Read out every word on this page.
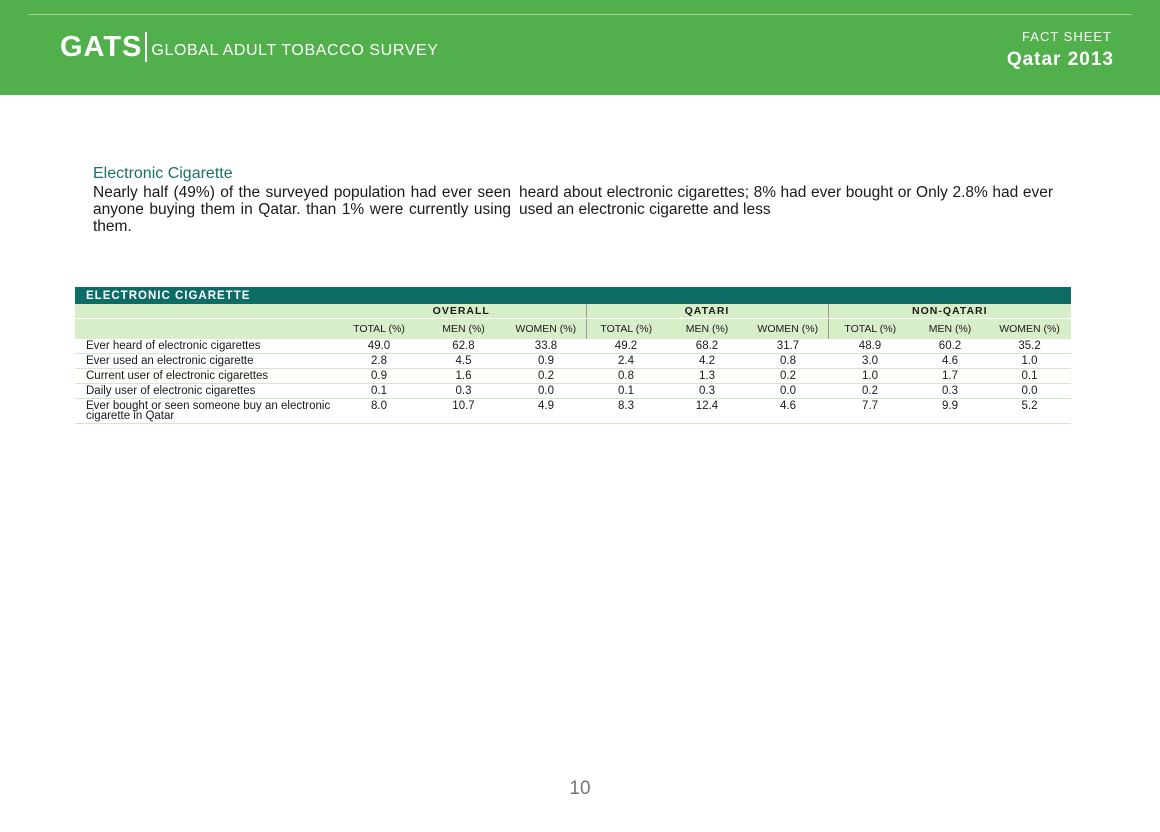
GATS GLOBAL ADULT TOBACCO SURVEY
FACT SHEET
Qatar 2013
Electronic Cigarette
Nearly half (49%) of the surveyed population had ever seen anyone buying them in Qatar. than 1% were currently using them.
heard about electronic cigarettes; 8% had ever bought or Only 2.8% had ever used an electronic cigarette and less
ELECTRONIC CIGARETTE									
	OVERALL			QATARI			NON-QATARI		
	TOTAL (%)	MEN (%)	WOMEN (%)	TOTAL (%)	MEN (%)	WOMEN (%)	TOTAL (%)	MEN (%)	WOMEN (%)
Ever heard of electronic cigarettes	49.0	62.8	33.8	49.2	68.2	31.7	48.9	60.2	35.2
Ever used an electronic cigarette	2.8	4.5	0.9	2.4	4.2	0.8	3.0	4.6	1.0
Current user of electronic cigarettes	0.9	1.6	0.2	0.8	1.3	0.2	1.0	1.7	0.1
Daily user of electronic cigarettes	0.1	0.3	0.0	0.1	0.3	0.0	0.2	0.3	0.0
Ever bought or seen someone buy an electronic cigarette in Qatar	8.0	10.7	4.9	8.3	12.4	4.6	7.7	9.9	5.2
10
